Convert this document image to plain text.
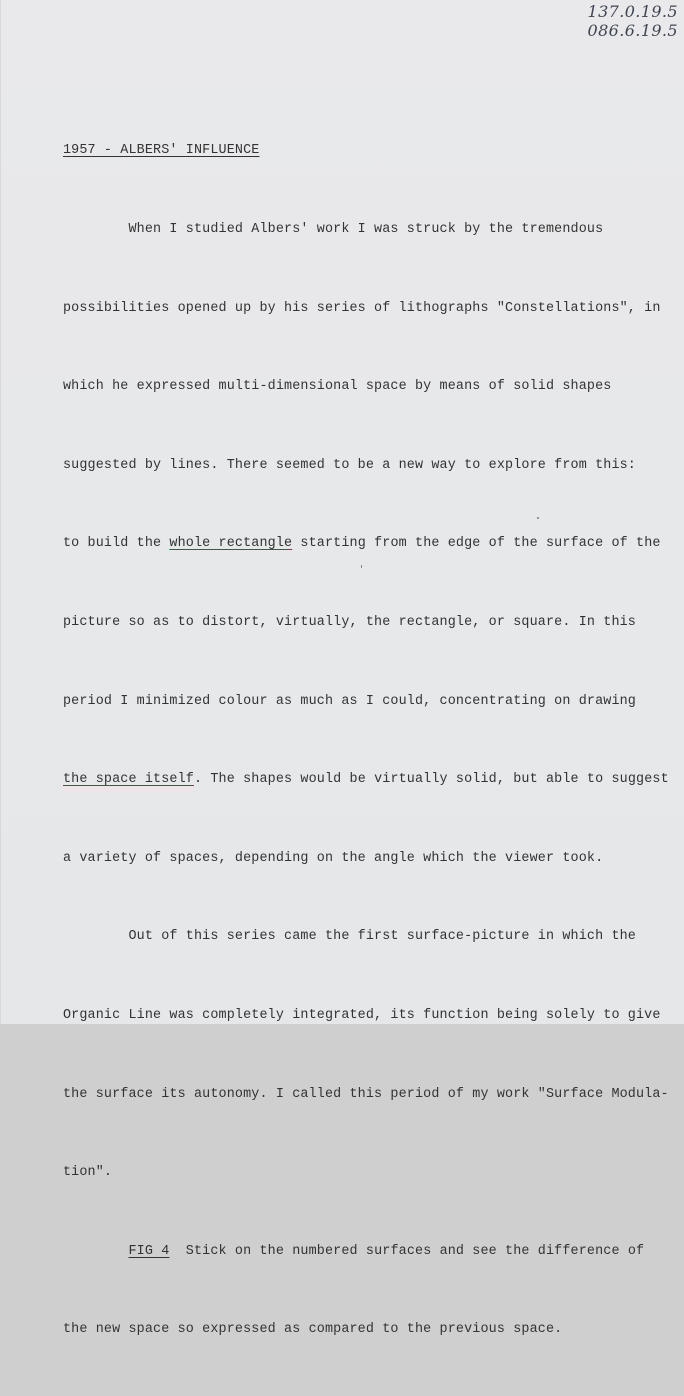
137.0.19.5
086.6.19.5

1957 - ALBERS' INFLUENCE

When I studied Albers' work I was struck by the tremendous

possibilities opened up by his series of lithographs "Constellations", in

which he expressed multi-dimensional space by means of solid shapes

suggested by lines. There seemed to be a new way to explore from this:

to build the whole rectangle starting from the edge of the surface of the

picture so as to distort, virtually, the rectangle, or square. In this

period I minimized colour as much as I could, concentrating on drawing

the space itself. The shapes would be virtually solid, but able to suggest

a variety of spaces, depending on the angle which the viewer took.

Out of this series came the first surface-picture in which the

Organic Line was completely integrated, its function being solely to give

the surface its autonomy. I called this period of my work "Surface Modula-

tion".

FIG 4  Stick on the numbered surfaces and see the difference of

the new space so expressed as compared to the previous space.
